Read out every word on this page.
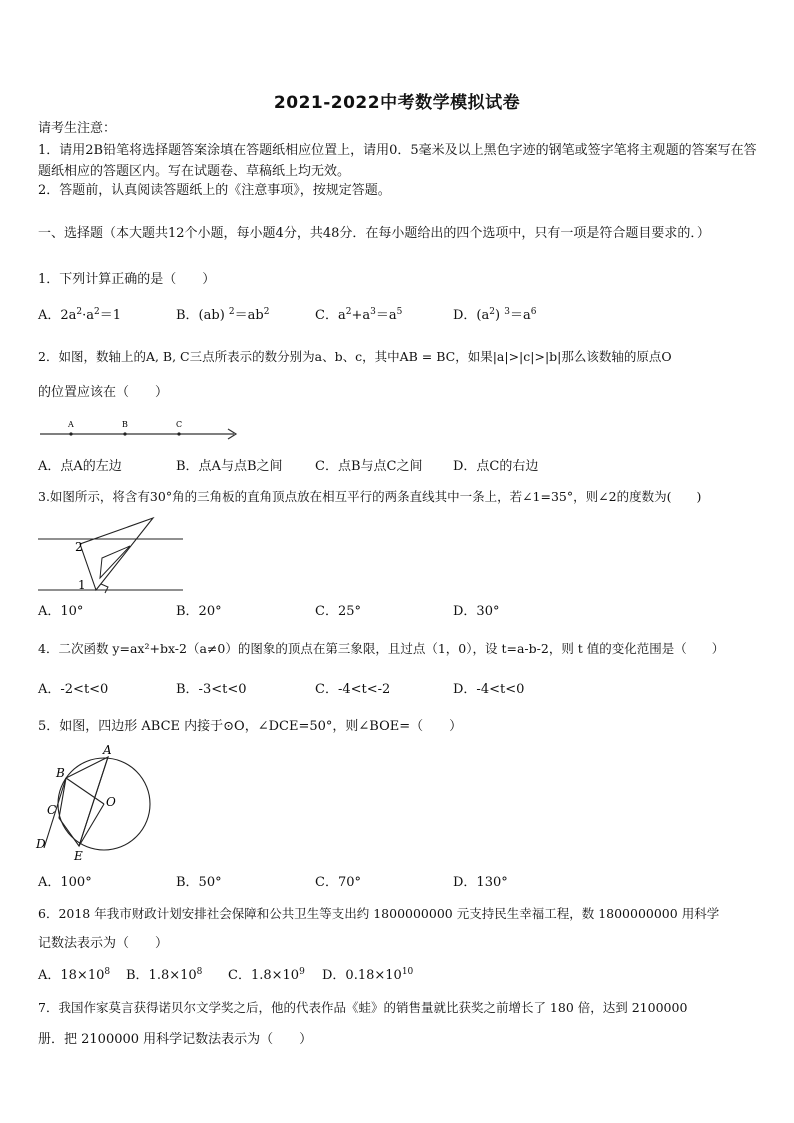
2021-2022中考数学模拟试卷
请考生注意：
1．请用2B铅笔将选择题答案涂填在答题纸相应位置上，请用0．5毫米及以上黑色字迹的钢笔或签字笔将主观题的答案写在答题纸相应的答题区内。写在试题卷、草稿纸上均无效。
2．答题前，认真阅读答题纸上的《注意事项》，按规定答题。
一、选择题（本大题共12个小题，每小题4分，共48分．在每小题给出的四个选项中，只有一项是符合题目要求的．）
1．下列计算正确的是（　　）
A．$2a^2\cdot a^2=1$	B．(ab) $^2=ab^2$	C．$a^2+a^3=a^5$	D．$(a^2)$ $^3=a^6$
2．如图，数轴上的A, B, C三点所表示的数分别为a、b、c，其中AB = BC，如果|a|>|c|>|b|那么该数轴的原点O
的位置应该在（　　）
A	B	C
A．点A的左边	B．点A与点B之间	C．点B与点C之间 D．点C的右边
3.如图所示，将含有30°角的三角板的直角顶点放在相互平行的两条直线其中一条上，若∠1=35°，则∠2的度数为(　　)
2
1
A．10°	B．20°	C．25°	D．30°
4．二次函数 y=ax²+bx-2（a≠0）的图象的顶点在第三象限，且过点（1，0），设 t=a-b-2，则 t 值的变化范围是（　　）
A．-2<t<0	B．-3<t<0	C．-4<t<-2	D．-4<t<0
5．如图，四边形 ABCE 内接于⊙O，∠DCE=50°，则∠BOE=（　　）
A
B
O
C
D
E
A．100°	B．50°	C．70°	D．130°
6．2018 年我市财政计划安排社会保障和公共卫生等支出约 1800000000 元支持民生幸福工程，数 1800000000 用科学
记数法表示为（　　）
A．$18\times 10^8$ B．$1.8\times 10^8$ C．$1.8\times 10^9$ D．$0.18\times 10^{10}$
7．我国作家莫言获得诺贝尔文学奖之后，他的代表作品《蛙》的销售量就比获奖之前增长了 180 倍，达到 2100000
册．把 2100000 用科学记数法表示为（　　）
